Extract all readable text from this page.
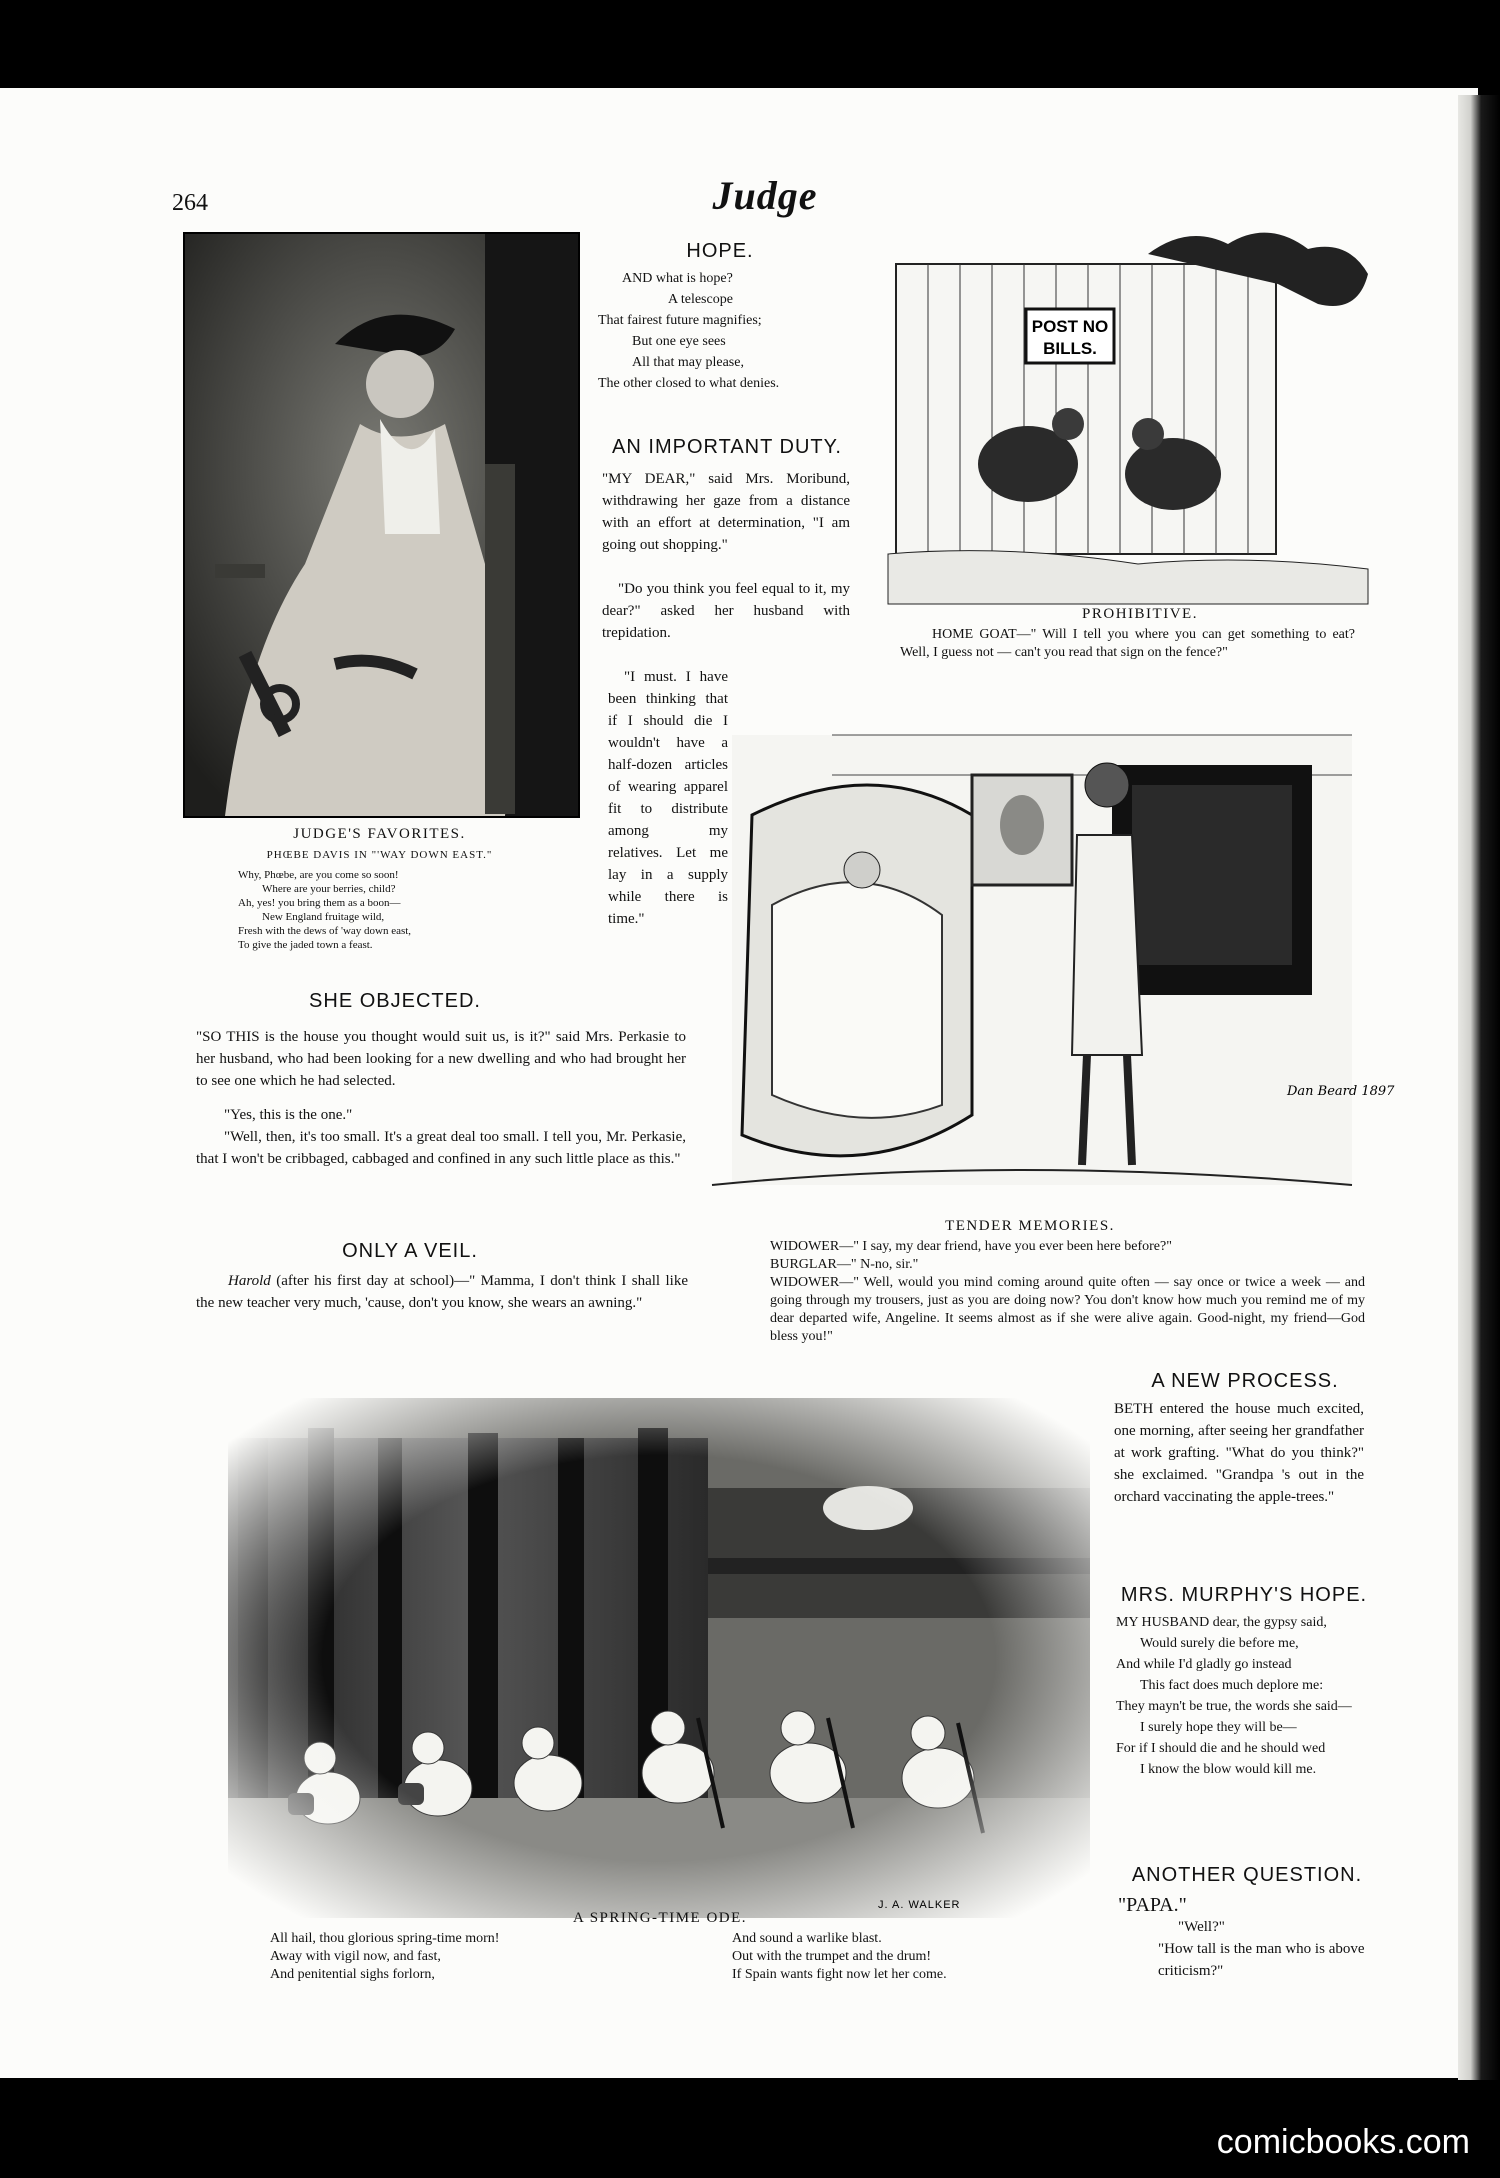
264	Judge
JUDGE'S FAVORITES.
PHŒBE DAVIS IN "'WAY DOWN EAST."
Why, Phœbe, are you come so soon!
Where are your berries, child?
Ah, yes! you bring them as a boon—
New England fruitage wild,
Fresh with the dews of 'way down east,
To give the jaded town a feast.
HOPE.
AND what is hope?
A telescope
That fairest future magnifies;
But one eye sees
All that may please,
The other closed to what denies.
AN IMPORTANT DUTY.
"MY DEAR," said Mrs. Moribund, withdrawing her gaze from a distance with an effort at determination, "I am going out shopping."
"Do you think you feel equal to it, my dear?" asked her husband with trepidation.
"I must. I have been thinking that if I should die I wouldn't have a half-dozen articles of wearing apparel fit to distribute among my relatives. Let me lay in a supply while there is time."
POST NO
BILLS.
PROHIBITIVE.
HOME GOAT—" Will I tell you where you can get something to eat? Well, I guess not — can't you read that sign on the fence?"
Dan Beard 1897
TENDER MEMORIES.
WIDOWER—" I say, my dear friend, have you ever been here before?"
BURGLAR—" N-no, sir."
WIDOWER—" Well, would you mind coming around quite often — say once or twice a week — and going through my trousers, just as you are doing now? You don't know how much you remind me of my dear departed wife, Angeline. It seems almost as if she were alive again. Good-night, my friend—God bless you!"
SHE OBJECTED.
"SO THIS is the house you thought would suit us, is it?" said Mrs. Perkasie to her husband, who had been looking for a new dwelling and who had brought her to see one which he had selected.
"Yes, this is the one."
"Well, then, it's too small. It's a great deal too small. I tell you, Mr. Perkasie, that I won't be cribbaged, cabbaged and confined in any such little place as this."
ONLY A VEIL.
Harold (after his first day at school)—" Mamma, I don't think I shall like the new teacher very much, 'cause, don't you know, she wears an awning."
J. A. WALKER
A SPRING-TIME ODE.
All hail, thou glorious spring-time morn!
Away with vigil now, and fast,
And penitential sighs forlorn,
And sound a warlike blast.
Out with the trumpet and the drum!
If Spain wants fight now let her come.
A NEW PROCESS.
BETH entered the house much excited, one morning, after seeing her grandfather at work grafting. "What do you think?" she exclaimed. "Grandpa 's out in the orchard vaccinating the apple-trees."
MRS. MURPHY'S HOPE.
MY HUSBAND dear, the gypsy said,
Would surely die before me,
And while I'd gladly go instead
This fact does much deplore me:
They mayn't be true, the words she said—
I surely hope they will be—
For if I should die and he should wed
I know the blow would kill me.
ANOTHER QUESTION.
"PAPA."
"Well?"
"How tall is the man who is above criticism?"
comicbooks.com
